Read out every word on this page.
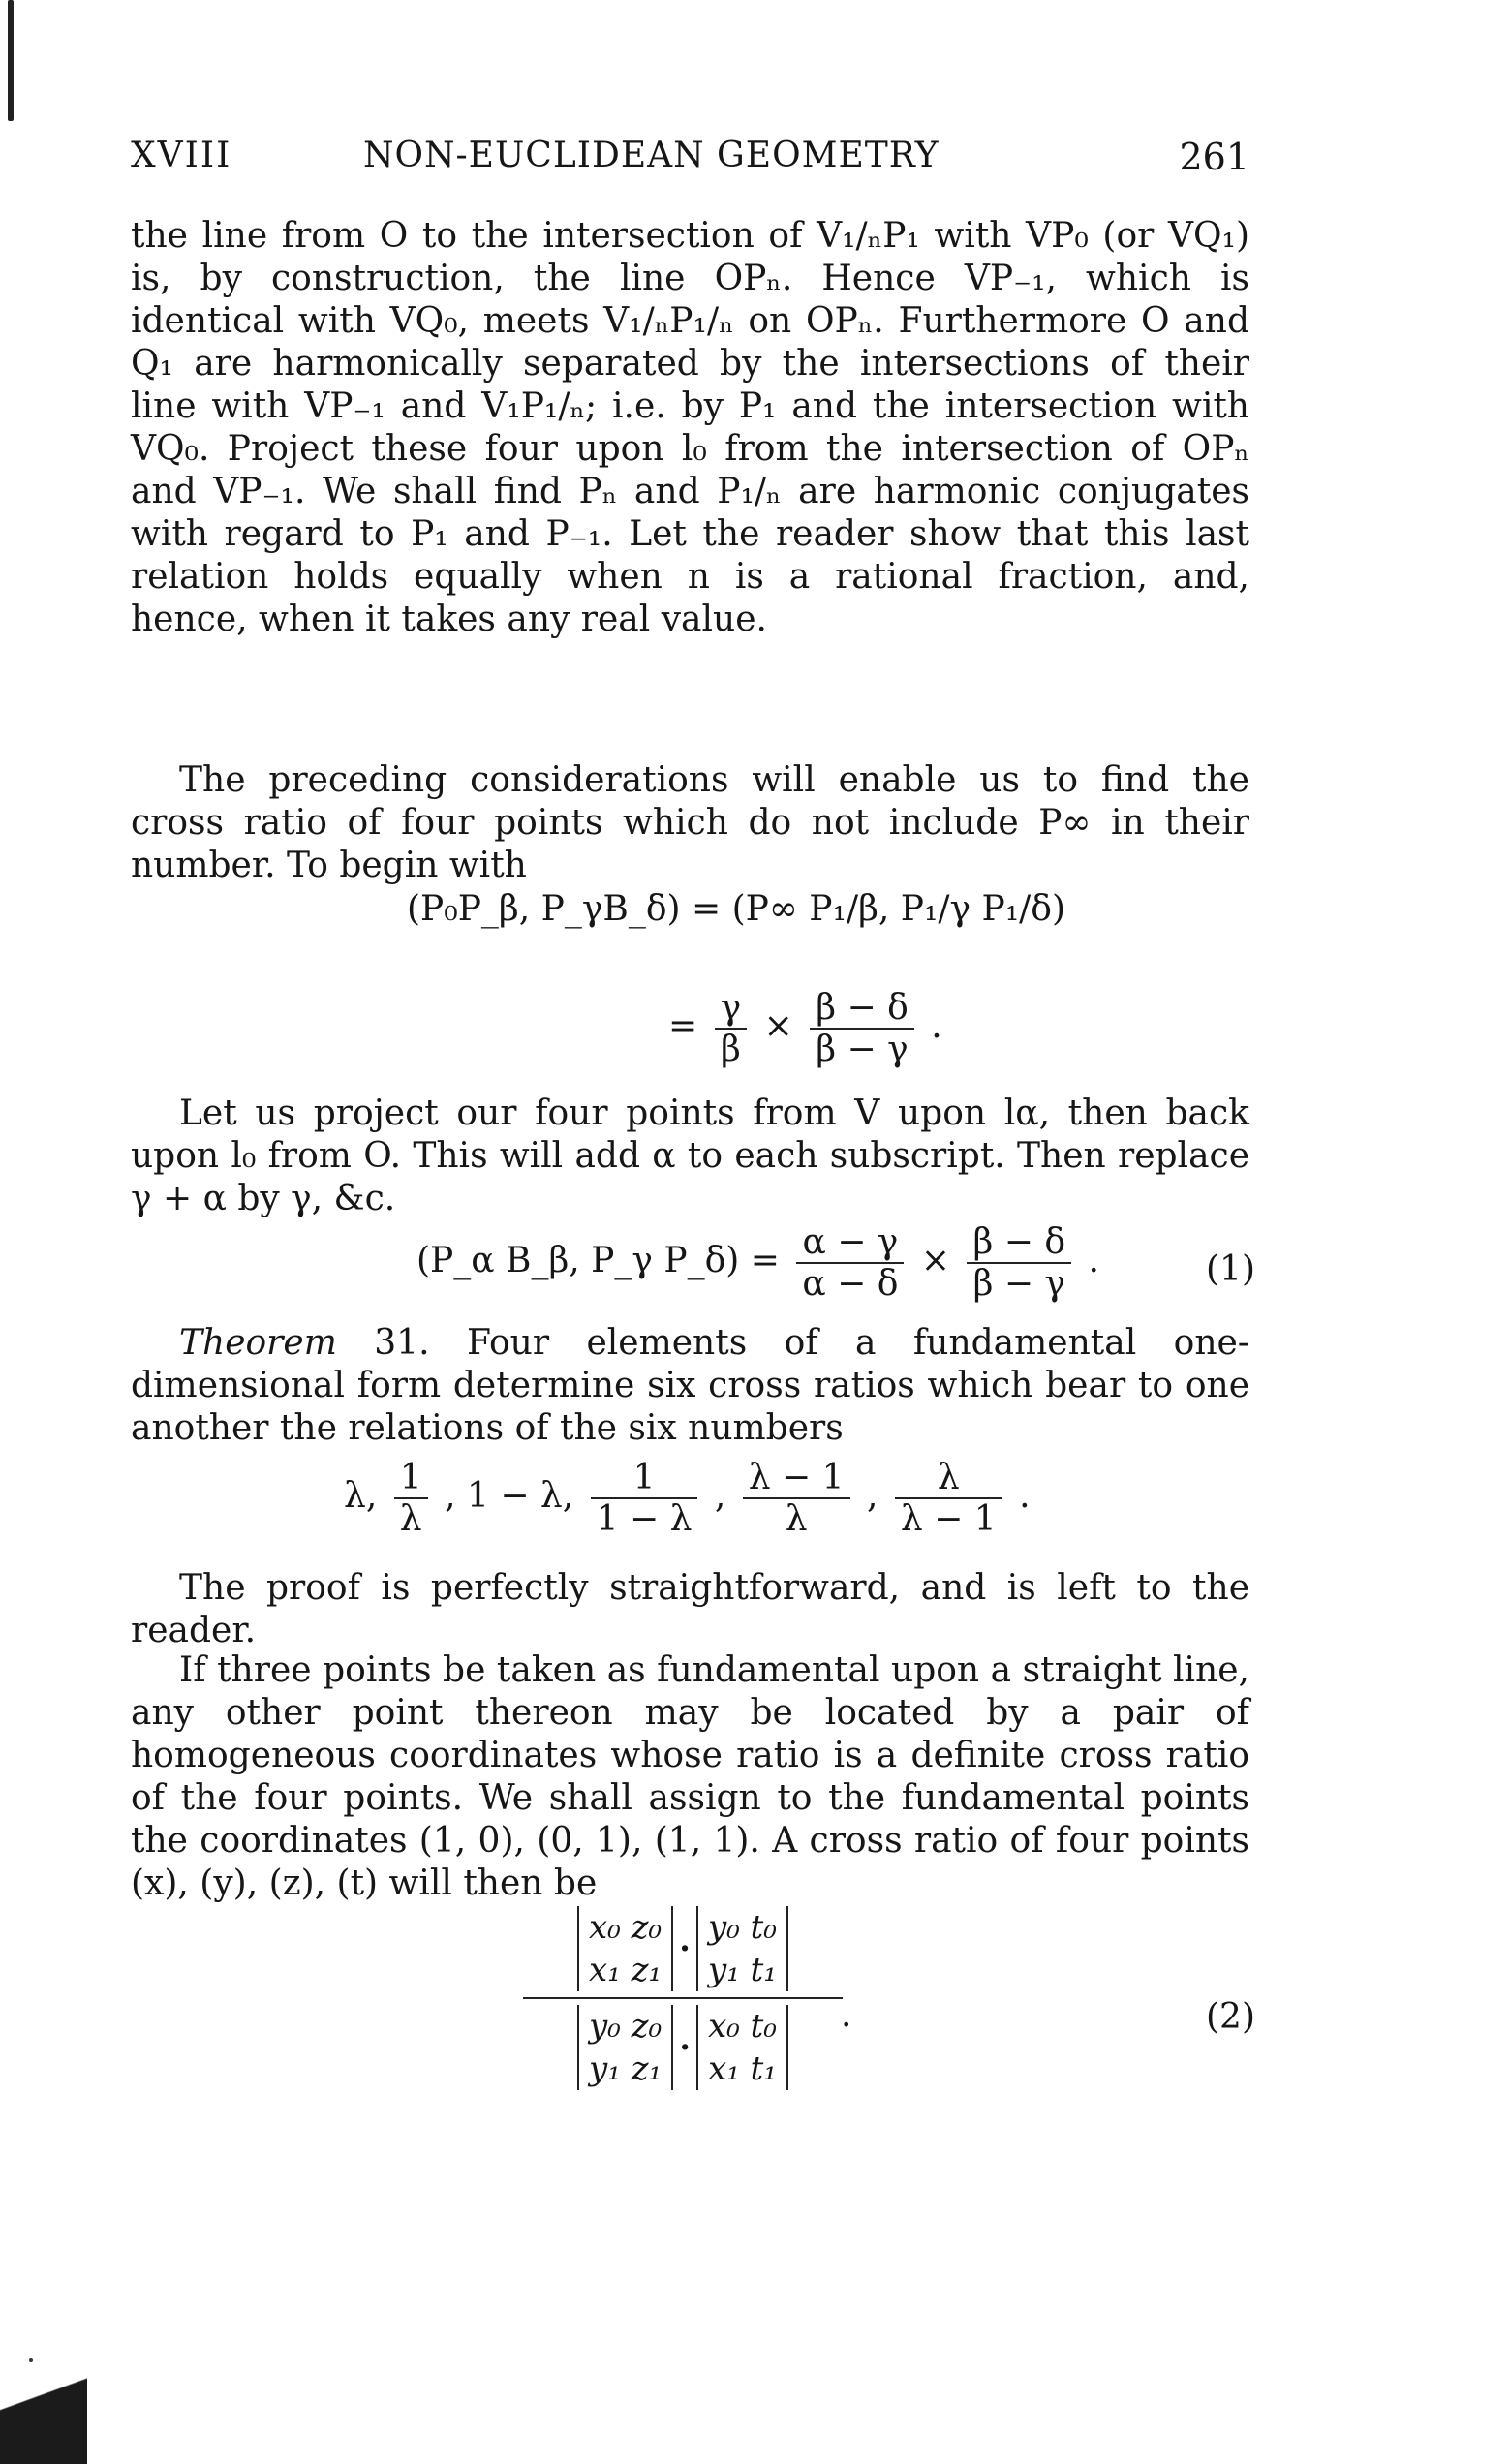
XVIII	NON-EUCLIDEAN GEOMETRY	261

the line from O to the intersection of V₁/ₙP₁ with VP₀ (or VQ₁) is, by construction, the line OPₙ. Hence VP₋₁, which is identical with VQ₀, meets V₁/ₙP₁/ₙ on OPₙ. Furthermore O and Q₁ are harmonically separated by the intersections of their line with VP₋₁ and V₁P₁/ₙ; i.e. by P₁ and the intersection with VQ₀. Project these four upon l₀ from the intersection of OPₙ and VP₋₁. We shall find Pₙ and P₁/ₙ are harmonic conjugates with regard to P₁ and P₋₁. Let the reader show that this last relation holds equally when n is a rational fraction, and, hence, when it takes any real value.

The preceding considerations will enable us to find the cross ratio of four points which do not include P∞ in their number. To begin with

(P₀P_β, P_γB_δ) = (P∞ P₁/β, P₁/γ P₁/δ)
= $\frac{\gamma}{\beta} \times \frac{\beta - \delta}{\beta - \gamma}$ .

Let us project our four points from V upon lα, then back upon l₀ from O. This will add α to each subscript. Then replace γ + α by γ, &c.

(P_α B_β, P_γ P_δ) = $\frac{\alpha - \gamma}{\alpha - \delta} \times \frac{\beta - \delta}{\beta - \gamma}$ .	(1)

Theorem 31. Four elements of a fundamental one-dimensional form determine six cross ratios which bear to one another the relations of the six numbers

λ, $\frac{1}{\lambda}$ , 1 − λ, $\frac{1}{1 - \lambda}$ , $\frac{\lambda - 1}{\lambda}$ , $\frac{\lambda}{\lambda - 1}$ .

The proof is perfectly straightforward, and is left to the reader.

If three points be taken as fundamental upon a straight line, any other point thereon may be located by a pair of homogeneous coordinates whose ratio is a definite cross ratio of the four points. We shall assign to the fundamental points the coordinates (1, 0), (0, 1), (1, 1). A cross ratio of four points (x), (y), (z), (t) will then be

x₀ z₀
x₁ z₁
·
y₀ t₀
y₁ t₁
y₀ z₀
y₁ z₁
·
x₀ t₀
x₁ t₁
.	(2)
